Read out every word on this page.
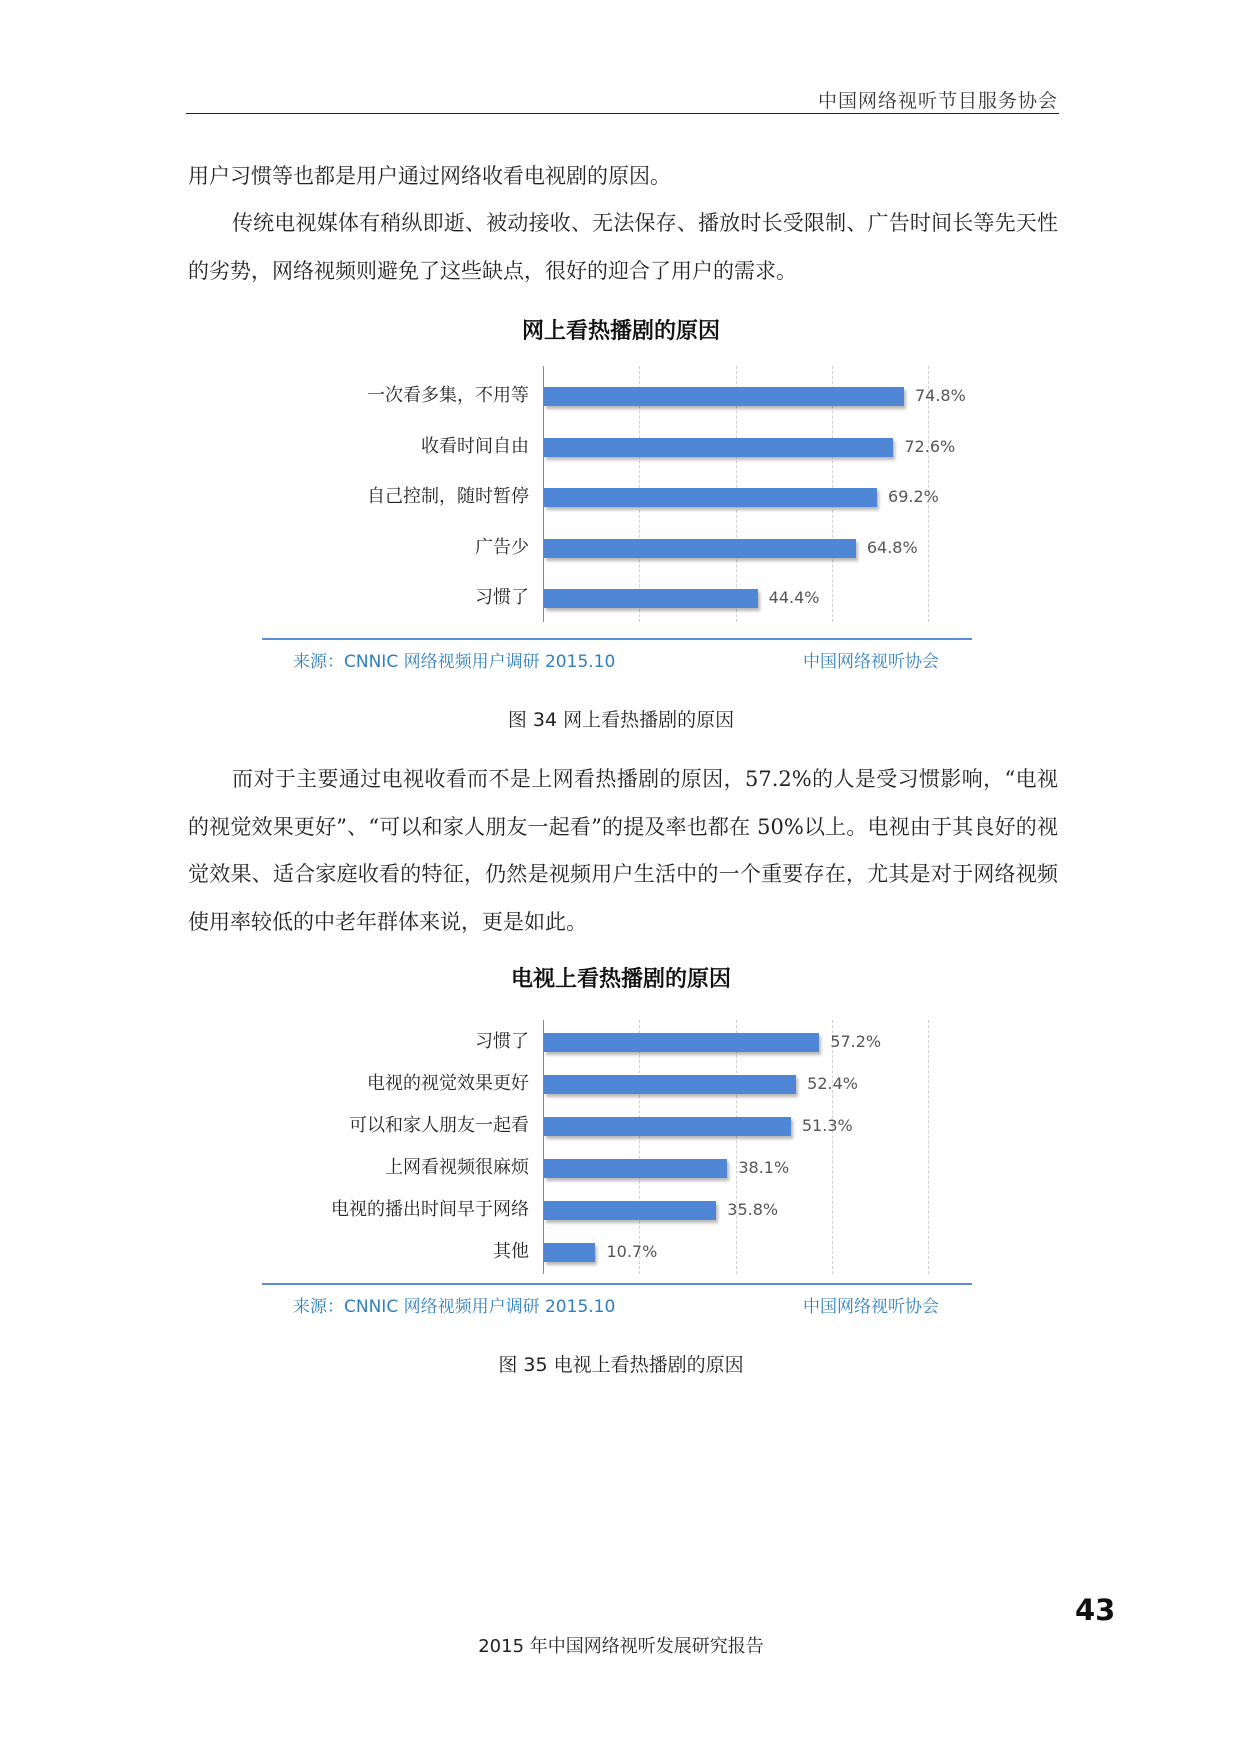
中国网络视听节目服务协会
用户习惯等也都是用户通过网络收看电视剧的原因。
传统电视媒体有稍纵即逝、被动接收、无法保存、播放时长受限制、广告时间长等先天性的劣势，网络视频则避免了这些缺点，很好的迎合了用户的需求。
网上看热播剧的原因
一次看多集，不用等	74.8%
收看时间自由	72.6%
自己控制，随时暂停	69.2%
广告少	64.8%
习惯了	44.4%
来源：CNNIC 网络视频用户调研 2015.10	中国网络视听协会
图 34 网上看热播剧的原因
而对于主要通过电视收看而不是上网看热播剧的原因，57.2%的人是受习惯影响，“电视的视觉效果更好”、“可以和家人朋友一起看”的提及率也都在 50%以上。电视由于其良好的视觉效果、适合家庭收看的特征，仍然是视频用户生活中的一个重要存在，尤其是对于网络视频使用率较低的中老年群体来说，更是如此。
电视上看热播剧的原因
习惯了	57.2%
电视的视觉效果更好	52.4%
可以和家人朋友一起看	51.3%
上网看视频很麻烦	38.1%
电视的播出时间早于网络	35.8%
其他	10.7%
来源：CNNIC 网络视频用户调研 2015.10	中国网络视听协会
图 35 电视上看热播剧的原因
43
2015 年中国网络视听发展研究报告
